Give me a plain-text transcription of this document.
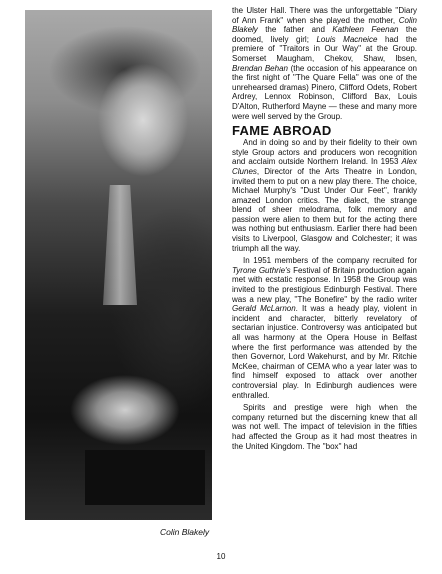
Colin Blakely

the Ulster Hall. There was the unforgettable ''Diary of Ann Frank'' when she played the mother, Colin Blakely the father and Kathleen Feenan the doomed, lively girl; Louis Macneice had the premiere of ''Traitors in Our Way'' at the Group. Somerset Maugham, Chekov, Shaw, Ibsen, Brendan Behan (the occasion of his appearance on the first night of ''The Quare Fella'' was one of the unrehearsed dramas) Pinero, Clifford Odets, Robert Ardrey, Lennox Robinson, Clifford Bax, Louis D'Alton, Rutherford Mayne — these and many more were well served by the Group.

FAME ABROAD

And in doing so and by their fidelity to their own style Group actors and producers won recognition and acclaim outside Northern Ireland. In 1953 Alex Clunes, Director of the Arts Theatre in London, invited them to put on a new play there. The choice, Michael Murphy's ''Dust Under Our Feet'', frankly amazed London critics. The dialect, the strange blend of sheer melodrama, folk memory and passion were alien to them but for the acting there was nothing but enthusiasm. Earlier there had been visits to Liverpool, Glasgow and Colchester; it was triumph all the way.

In 1951 members of the company recruited for Tyrone Guthrie's Festival of Britain production again met with ecstatic response. In 1958 the Group was invited to the prestigious Edinburgh Festival. There was a new play, ''The Bonefire'' by the radio writer Gerald McLarnon. It was a heady play, violent in incident and character, bitterly revelatory of sectarian injustice. Controversy was anticipated but all was harmony at the Opera House in Belfast where the first performance was attended by the then Governor, Lord Wakehurst, and by Mr. Ritchie McKee, chairman of CEMA who a year later was to find himself exposed to attack over another controversial play. In Edinburgh audiences were enthralled.

Spirits and prestige were high when the company returned but the discerning knew that all was not well. The impact of television in the fifties had affected the Group as it had most theatres in the United Kingdom. The ''box'' had

10
